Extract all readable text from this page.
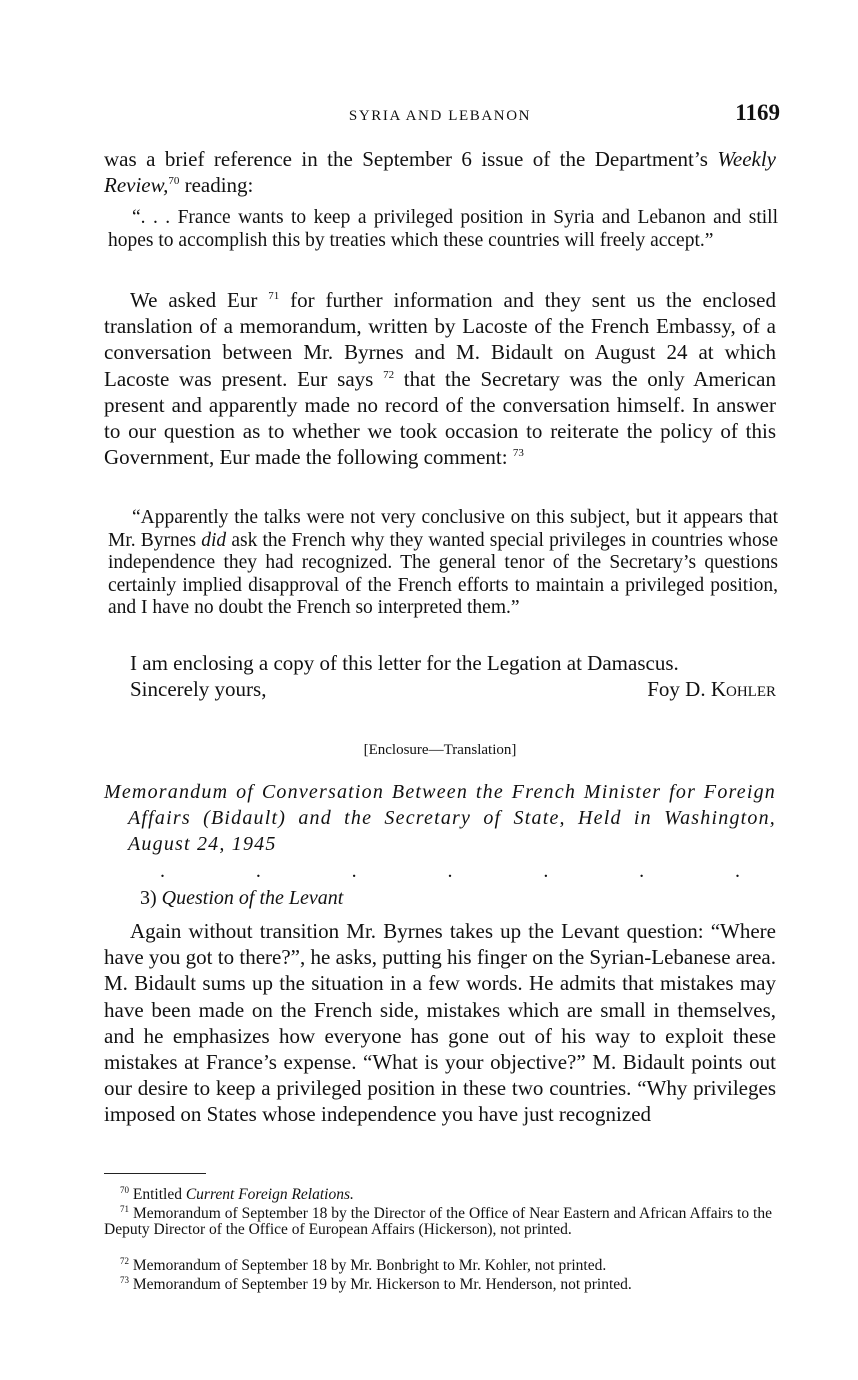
SYRIA AND LEBANON	1169

was a brief reference in the September 6 issue of the Department’s Weekly Review,$^{70}$ reading:

“. . . France wants to keep a privileged position in Syria and Lebanon and still hopes to accomplish this by treaties which these countries will freely accept.”

We asked Eur $^{71}$ for further information and they sent us the enclosed translation of a memorandum, written by Lacoste of the French Embassy, of a conversation between Mr. Byrnes and M. Bidault on August 24 at which Lacoste was present. Eur says $^{72}$ that the Secretary was the only American present and apparently made no record of the conversation himself. In answer to our question as to whether we took occasion to reiterate the policy of this Government, Eur made the following comment: $^{73}$

“Apparently the talks were not very conclusive on this subject, but it appears that Mr. Byrnes did ask the French why they wanted special privileges in countries whose independence they had recognized. The general tenor of the Secretary’s questions certainly implied disapproval of the French efforts to maintain a privileged position, and I have no doubt the French so interpreted them.”

I am enclosing a copy of this letter for the Legation at Damascus.
Sincerely yours,	Foy D. Kohler
[Enclosure—Translation]

Memorandum of Conversation Between the French Minister for Foreign Affairs (Bidault) and the Secretary of State, Held in Washington, August 24, 1945

.	.	.	.	.	.	.
3) Question of the Levant

Again without transition Mr. Byrnes takes up the Levant question: “Where have you got to there?”, he asks, putting his finger on the Syrian-Lebanese area. M. Bidault sums up the situation in a few words. He admits that mistakes may have been made on the French side, mistakes which are small in themselves, and he emphasizes how everyone has gone out of his way to exploit these mistakes at France’s expense. “What is your objective?” M. Bidault points out our desire to keep a privileged position in these two countries. “Why privileges imposed on States whose independence you have just recognized

$^{70}$ Entitled Current Foreign Relations.

$^{71}$ Memorandum of September 18 by the Director of the Office of Near Eastern and African Affairs to the Deputy Director of the Office of European Affairs (Hickerson), not printed.

$^{72}$ Memorandum of September 18 by Mr. Bonbright to Mr. Kohler, not printed.

$^{73}$ Memorandum of September 19 by Mr. Hickerson to Mr. Henderson, not printed.
